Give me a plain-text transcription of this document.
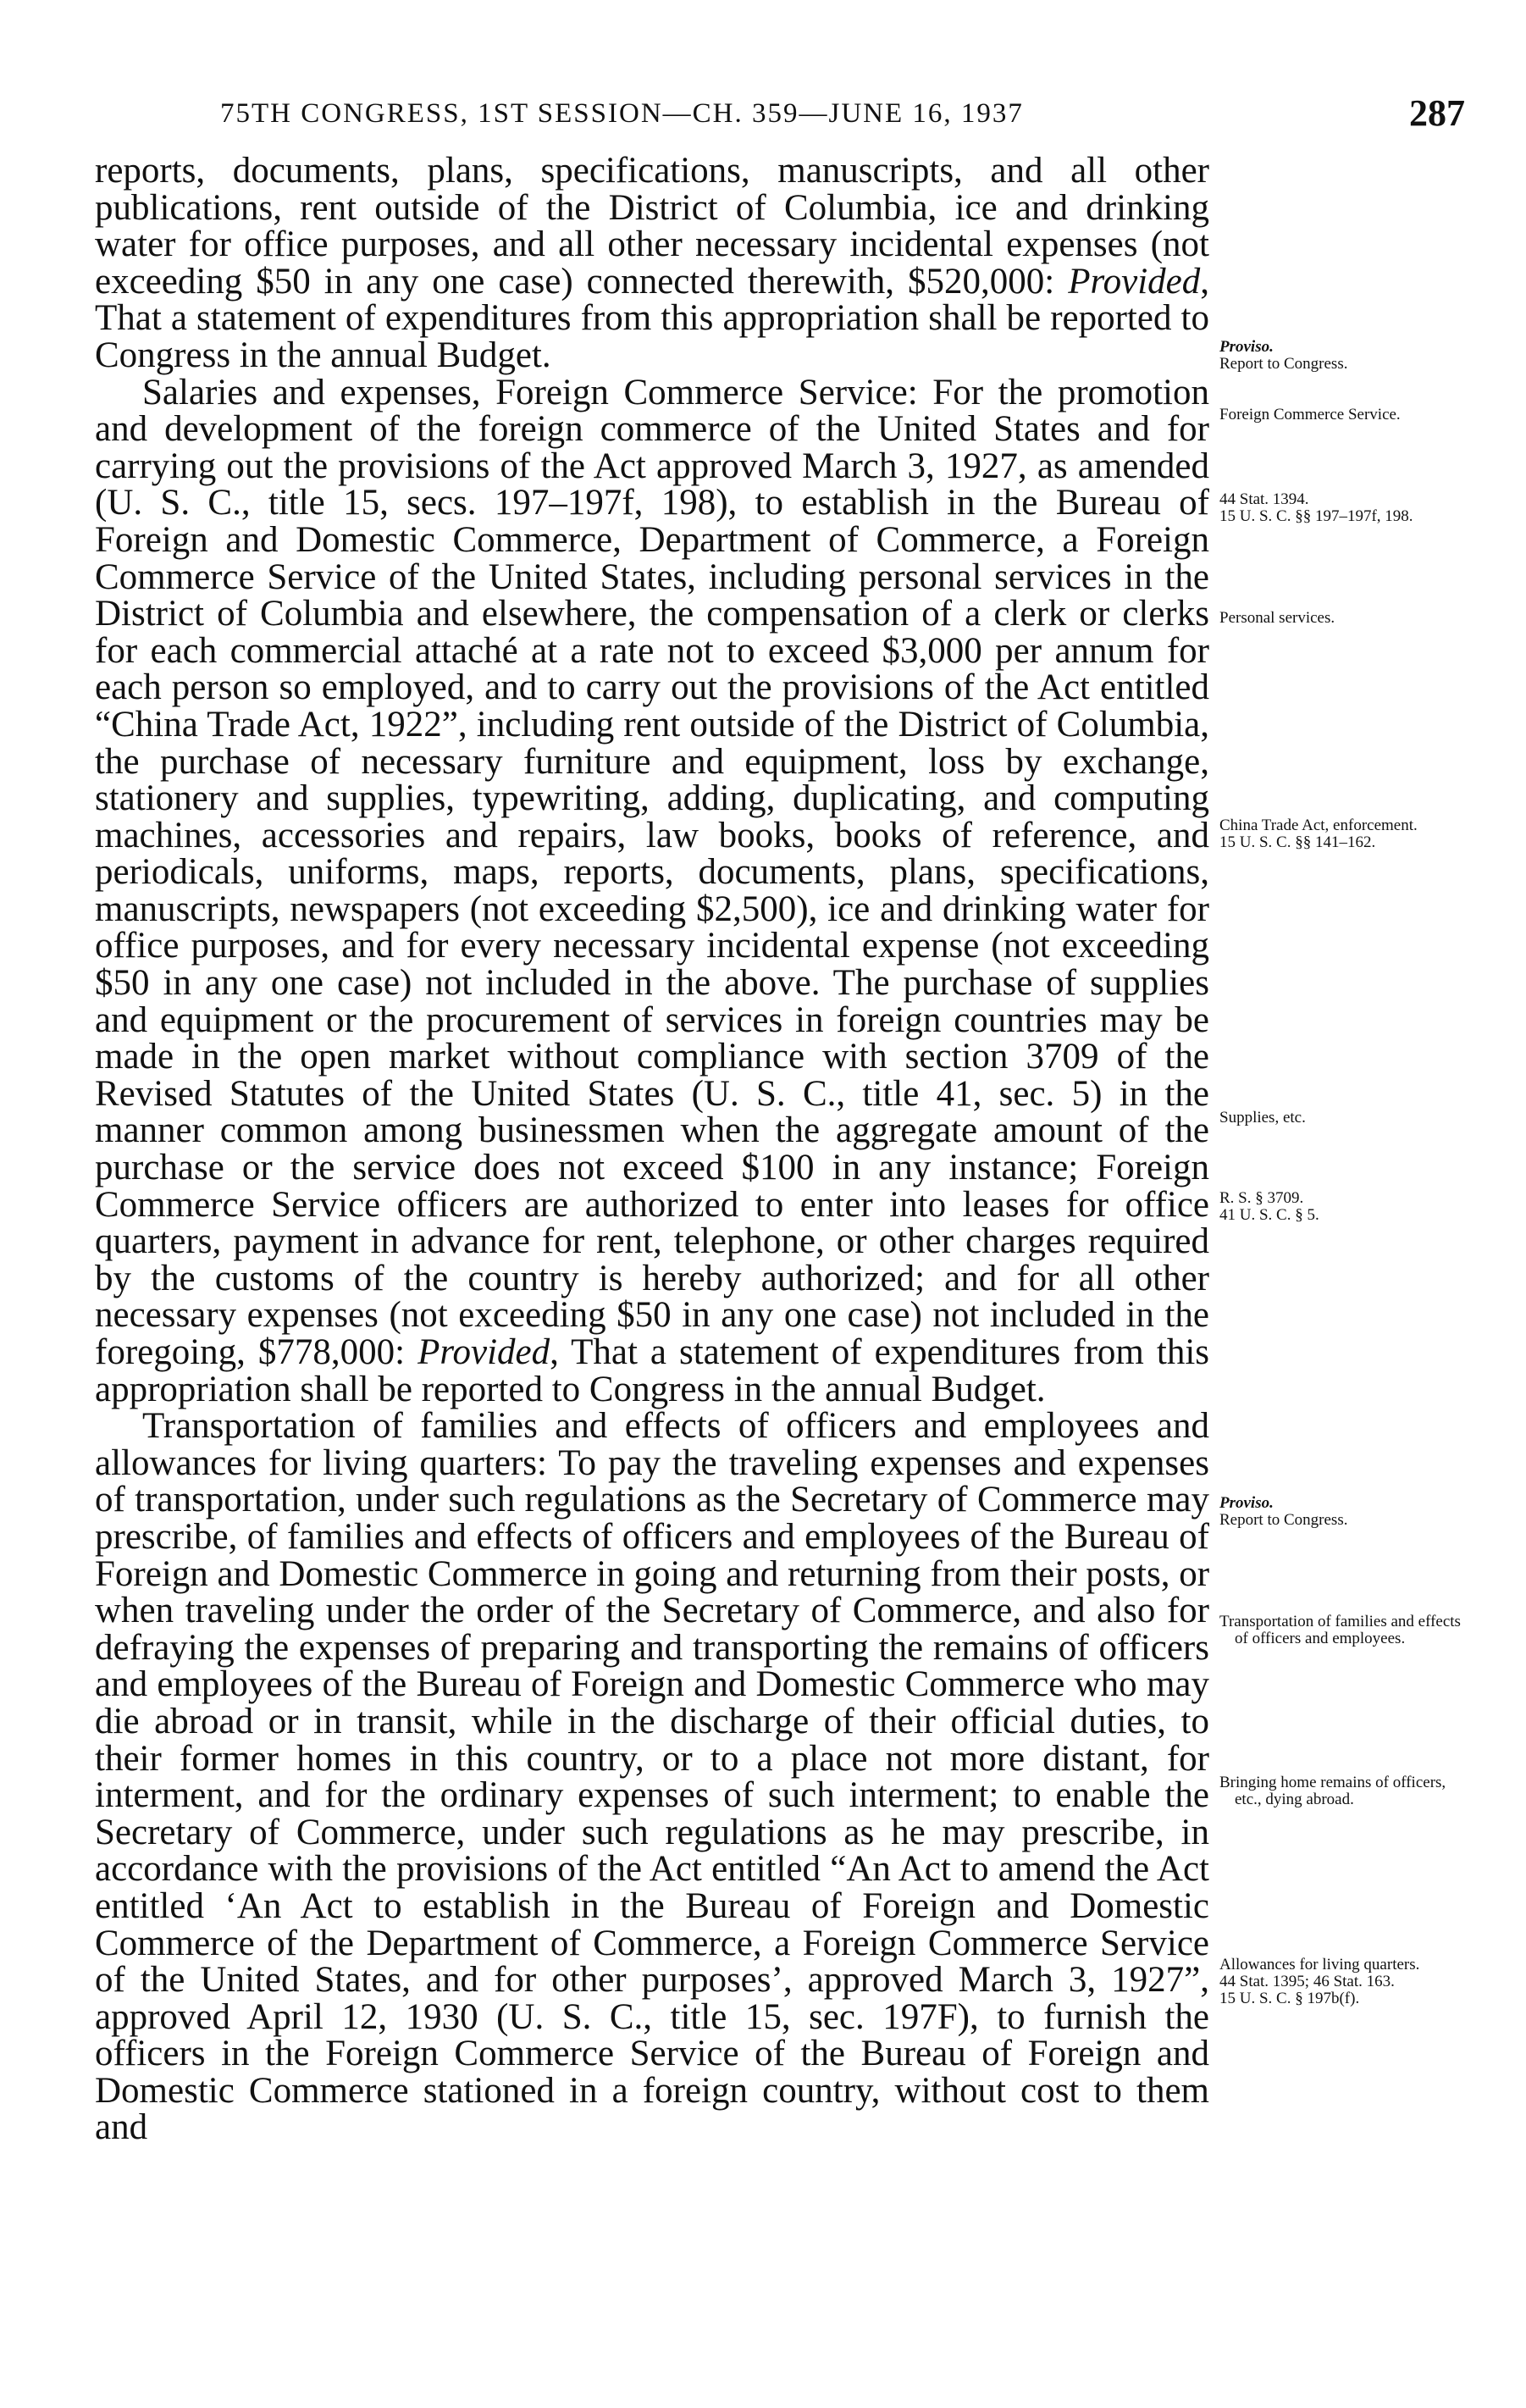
75TH CONGRESS, 1ST SESSION—CH. 359—JUNE 16, 1937	287

reports, documents, plans, specifications, manuscripts, and all other publications, rent outside of the District of Columbia, ice and drinking water for office purposes, and all other necessary incidental expenses (not exceeding $50 in any one case) connected therewith, $520,000: Provided, That a statement of expenditures from this appropriation shall be reported to Congress in the annual Budget.

Salaries and expenses, Foreign Commerce Service: For the promotion and development of the foreign commerce of the United States and for carrying out the provisions of the Act approved March 3, 1927, as amended (U. S. C., title 15, secs. 197–197f, 198), to establish in the Bureau of Foreign and Domestic Commerce, Department of Commerce, a Foreign Commerce Service of the United States, including personal services in the District of Columbia and elsewhere, the compensation of a clerk or clerks for each commercial attaché at a rate not to exceed $3,000 per annum for each person so employed, and to carry out the provisions of the Act entitled “China Trade Act, 1922”, including rent outside of the District of Columbia, the purchase of necessary furniture and equipment, loss by exchange, stationery and supplies, typewriting, adding, duplicating, and computing machines, accessories and repairs, law books, books of reference, and periodicals, uniforms, maps, reports, documents, plans, specifications, manuscripts, newspapers (not exceeding $2,500), ice and drinking water for office purposes, and for every necessary incidental expense (not exceeding $50 in any one case) not included in the above. The purchase of supplies and equipment or the procurement of services in foreign countries may be made in the open market without compliance with section 3709 of the Revised Statutes of the United States (U. S. C., title 41, sec. 5) in the manner common among businessmen when the aggregate amount of the purchase or the service does not exceed $100 in any instance; Foreign Commerce Service officers are authorized to enter into leases for office quarters, payment in advance for rent, telephone, or other charges required by the customs of the country is hereby authorized; and for all other necessary expenses (not exceeding $50 in any one case) not included in the foregoing, $778,000: Provided, That a statement of expenditures from this appropriation shall be reported to Congress in the annual Budget.

Transportation of families and effects of officers and employees and allowances for living quarters: To pay the traveling expenses and expenses of transportation, under such regulations as the Secretary of Commerce may prescribe, of families and effects of officers and employees of the Bureau of Foreign and Domestic Commerce in going and returning from their posts, or when traveling under the order of the Secretary of Commerce, and also for defraying the expenses of preparing and transporting the remains of officers and employees of the Bureau of Foreign and Domestic Commerce who may die abroad or in transit, while in the discharge of their official duties, to their former homes in this country, or to a place not more distant, for interment, and for the ordinary expenses of such interment; to enable the Secretary of Commerce, under such regulations as he may prescribe, in accordance with the provisions of the Act entitled “An Act to amend the Act entitled ‘An Act to establish in the Bureau of Foreign and Domestic Commerce of the Department of Commerce, a Foreign Commerce Service of the United States, and for other purposes’, approved March 3, 1927”, approved April 12, 1930 (U. S. C., title 15, sec. 197F), to furnish the officers in the Foreign Commerce Service of the Bureau of Foreign and Domestic Commerce stationed in a foreign country, without cost to them and

Proviso.
Report to Congress.
Foreign Commerce Service.
44 Stat. 1394.
15 U. S. C. §§ 197–197f, 198.
Personal services.
China Trade Act, enforcement.
15 U. S. C. §§ 141–162.
Supplies, etc.
R. S. § 3709.
41 U. S. C. § 5.
Proviso.
Report to Congress.
Transportation of families and effects of officers and employees.
Bringing home remains of officers, etc., dying abroad.
Allowances for living quarters.
44 Stat. 1395; 46 Stat. 163.
15 U. S. C. § 197b(f).
